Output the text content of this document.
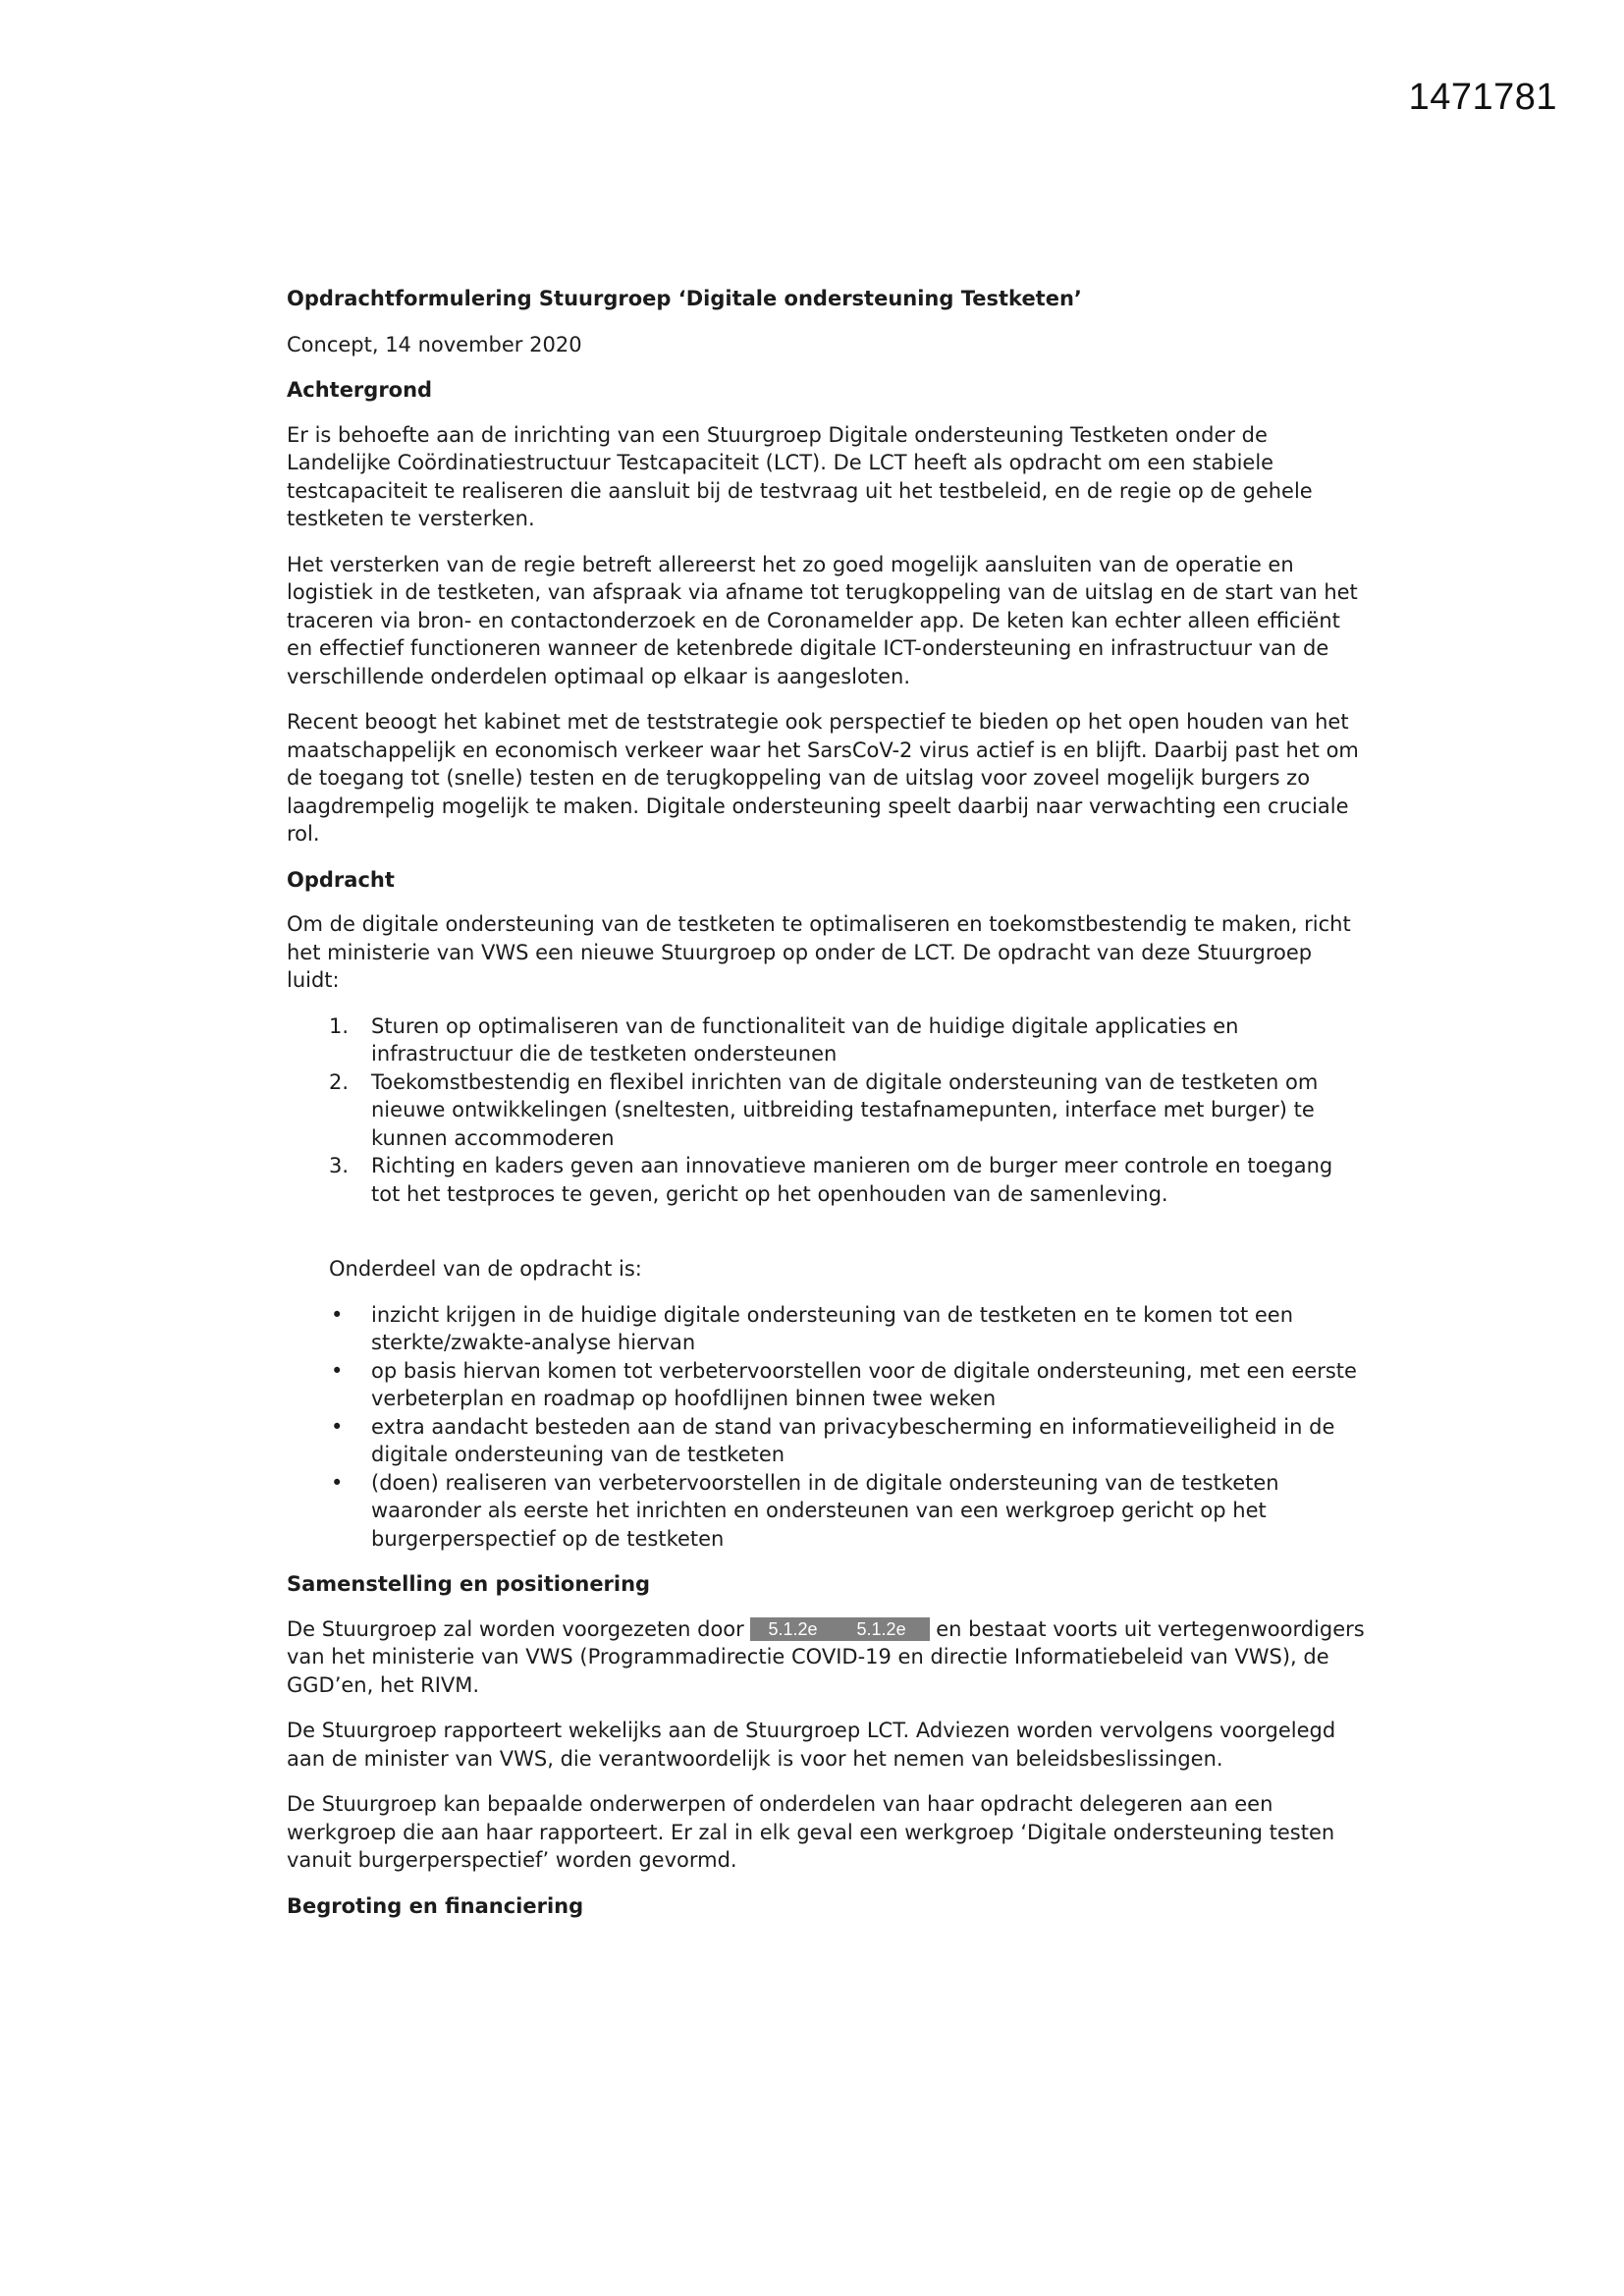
1471781
Opdrachtformulering Stuurgroep ‘Digitale ondersteuning Testketen’
Concept, 14 november 2020
Achtergrond

Er is behoefte aan de inrichting van een Stuurgroep Digitale ondersteuning Testketen onder de Landelijke Coördinatiestructuur Testcapaciteit (LCT). De LCT heeft als opdracht om een stabiele testcapaciteit te realiseren die aansluit bij de testvraag uit het testbeleid, en de regie op de gehele testketen te versterken.

Het versterken van de regie betreft allereerst het zo goed mogelijk aansluiten van de operatie en logistiek in de testketen, van afspraak via afname tot terugkoppeling van de uitslag en de start van het traceren via bron- en contactonderzoek en de Coronamelder app. De keten kan echter alleen efficiënt en effectief functioneren wanneer de ketenbrede digitale ICT-ondersteuning en infrastructuur van de verschillende onderdelen optimaal op elkaar is aangesloten.

Recent beoogt het kabinet met de teststrategie ook perspectief te bieden op het open houden van het maatschappelijk en economisch verkeer waar het SarsCoV-2 virus actief is en blijft. Daarbij past het om de toegang tot (snelle) testen en de terugkoppeling van de uitslag voor zoveel mogelijk burgers zo laagdrempelig mogelijk te maken. Digitale ondersteuning speelt daarbij naar verwachting een cruciale rol.

Opdracht

Om de digitale ondersteuning van de testketen te optimaliseren en toekomstbestendig te maken, richt het ministerie van VWS een nieuwe Stuurgroep op onder de LCT. De opdracht van deze Stuurgroep luidt:

1. Sturen op optimaliseren van de functionaliteit van de huidige digitale applicaties en infrastructuur die de testketen ondersteunen
2. Toekomstbestendig en flexibel inrichten van de digitale ondersteuning van de testketen om nieuwe ontwikkelingen (sneltesten, uitbreiding testafnamepunten, interface met burger) te kunnen accommoderen
3. Richting en kaders geven aan innovatieve manieren om de burger meer controle en toegang tot het testproces te geven, gericht op het openhouden van de samenleving.
Onderdeel van de opdracht is:
• inzicht krijgen in de huidige digitale ondersteuning van de testketen en te komen tot een sterkte/zwakte-analyse hiervan
• op basis hiervan komen tot verbetervoorstellen voor de digitale ondersteuning, met een eerste verbeterplan en roadmap op hoofdlijnen binnen twee weken
• extra aandacht besteden aan de stand van privacybescherming en informatieveiligheid in de digitale ondersteuning van de testketen
• (doen) realiseren van verbetervoorstellen in de digitale ondersteuning van de testketen waaronder als eerste het inrichten en ondersteunen van een werkgroep gericht op het burgerperspectief op de testketen
Samenstelling en positionering

De Stuurgroep zal worden voorgezeten door 5.1.2e 5.1.2e en bestaat voorts uit vertegenwoordigers van het ministerie van VWS (Programmadirectie COVID-19 en directie Informatiebeleid van VWS), de GGD’en, het RIVM.

De Stuurgroep rapporteert wekelijks aan de Stuurgroep LCT. Adviezen worden vervolgens voorgelegd aan de minister van VWS, die verantwoordelijk is voor het nemen van beleidsbeslissingen.

De Stuurgroep kan bepaalde onderwerpen of onderdelen van haar opdracht delegeren aan een werkgroep die aan haar rapporteert. Er zal in elk geval een werkgroep ‘Digitale ondersteuning testen vanuit burgerperspectief’ worden gevormd.

Begroting en financiering
